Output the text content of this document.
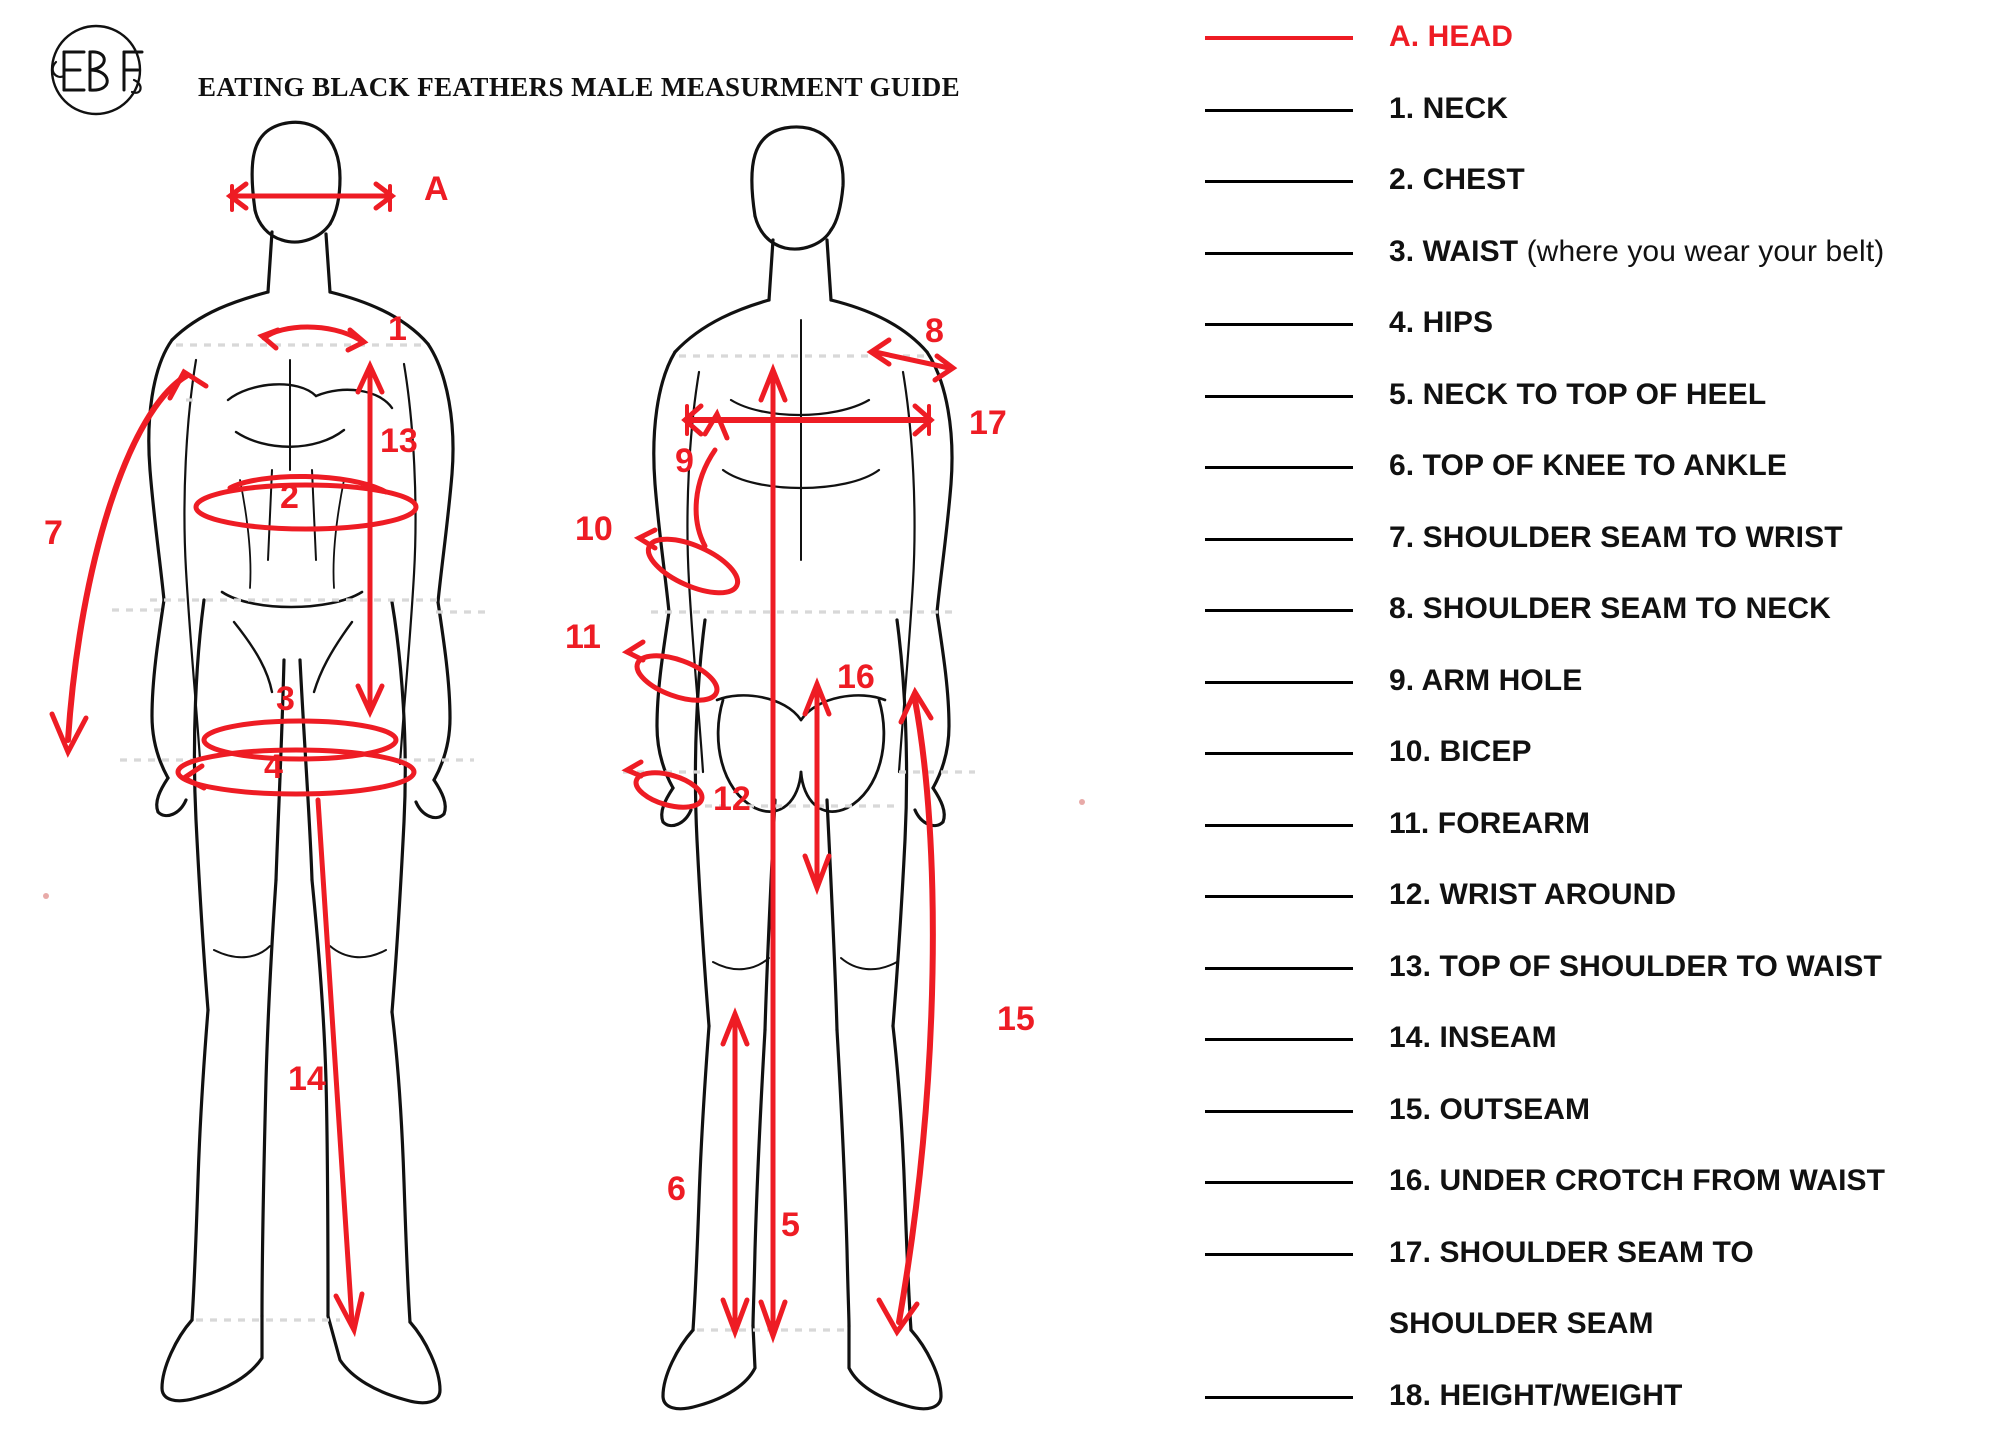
EATING BLACK FEATHERS MALE MEASURMENT GUIDE
A
1
2
3
4
7
13
14
8
17
9
10
11
12
16
5
6
15
A. HEAD
1. NECK
2. CHEST
3. WAIST (where you wear your belt)
4. HIPS
5. NECK TO TOP OF HEEL
6. TOP OF KNEE TO ANKLE
7. SHOULDER SEAM TO WRIST
8. SHOULDER SEAM TO NECK
9. ARM HOLE
10. BICEP
11. FOREARM
12. WRIST AROUND
13. TOP OF SHOULDER TO WAIST
14. INSEAM
15. OUTSEAM
16. UNDER CROTCH FROM WAIST
17. SHOULDER SEAM TO
SHOULDER SEAM
18. HEIGHT/WEIGHT
